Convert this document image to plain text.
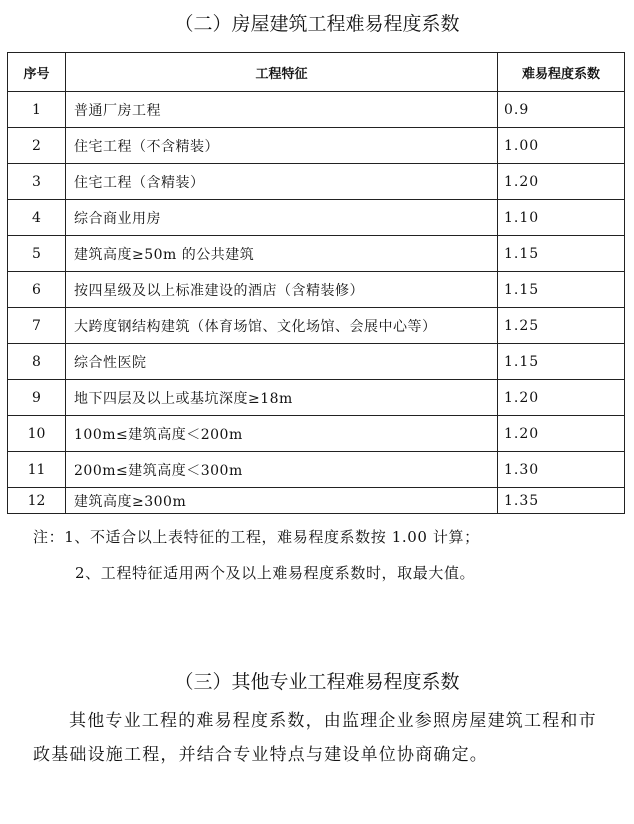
（二）房屋建筑工程难易程度系数
序号	工程特征	难易程度系数
1	普通厂房工程	0.9
2	住宅工程（不含精装）	1.00
3	住宅工程（含精装）	1.20
4	综合商业用房	1.10
5	建筑高度≥50m 的公共建筑	1.15
6	按四星级及以上标准建设的酒店（含精装修）	1.15
7	大跨度钢结构建筑（体育场馆、文化场馆、会展中心等）	1.25
8	综合性医院	1.15
9	地下四层及以上或基坑深度≥18m	1.20
10	100m≤建筑高度＜200m	1.20
11	200m≤建筑高度＜300m	1.30
12	建筑高度≥300m	1.35
注：1、不适合以上表特征的工程，难易程度系数按 1.00 计算；
2、工程特征适用两个及以上难易程度系数时，取最大值。
（三）其他专业工程难易程度系数
其他专业工程的难易程度系数，由监理企业参照房屋建筑工程和市政基础设施工程，并结合专业特点与建设单位协商确定。
